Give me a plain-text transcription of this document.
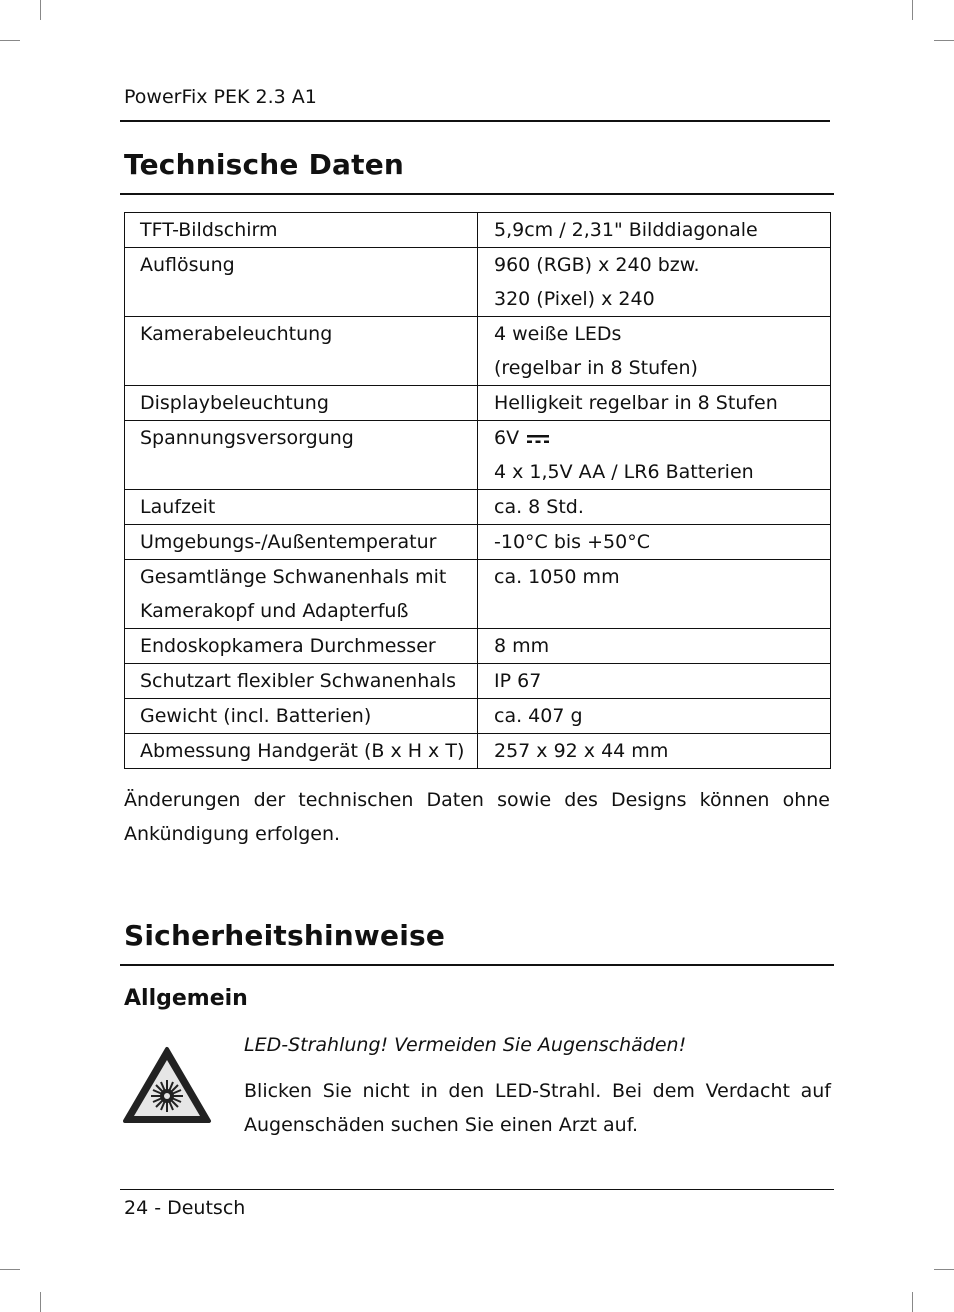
PowerFix PEK 2.3 A1
Technische Daten
TFT-Bildschirm	5,9cm / 2,31" Bilddiagonale

Auflösung	960 (RGB) x 240 bzw.
320 (Pixel) x 240

Kamerabeleuchtung	4 weiße LEDs
(regelbar in 8 Stufen)

Displaybeleuchtung	Helligkeit regelbar in 8 Stufen

Spannungsversorgung	6V
4 x 1,5V AA / LR6 Batterien

Laufzeit	ca. 8 Std.

Umgebungs-/Außentemperatur	-10°C bis +50°C

Gesamtlänge Schwanenhals mit
Kamerakopf und Adapterfuß	ca. 1050 mm

Endoskopkamera Durchmesser	8 mm

Schutzart flexibler Schwanenhals	IP 67

Gewicht (incl. Batterien)	ca. 407 g

Abmessung Handgerät (B x H x T)	257 x 92 x 44 mm
Änderungen der technischen Daten sowie des Designs können ohne Ankündigung erfolgen.
Sicherheitshinweise
Allgemein
LED-Strahlung! Vermeiden Sie Augenschäden!
Blicken Sie nicht in den LED-Strahl. Bei dem Verdacht auf Augenschäden suchen Sie einen Arzt auf.
24 - Deutsch
